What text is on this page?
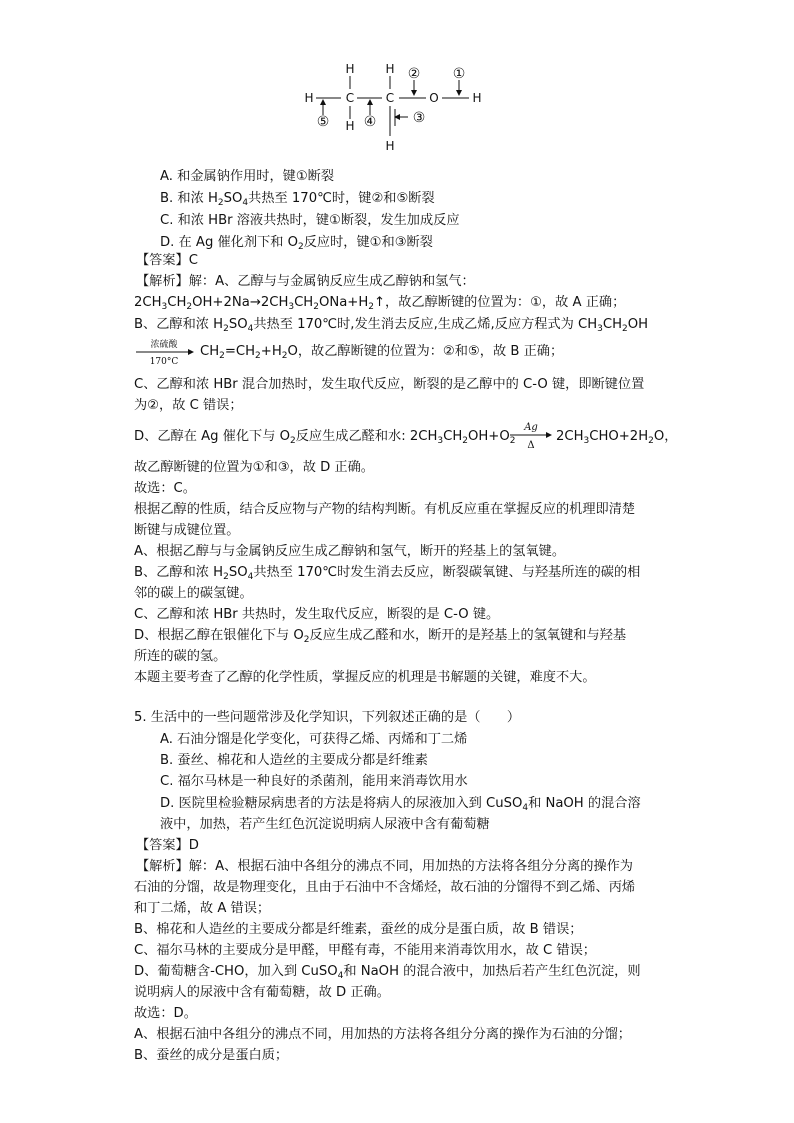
H	H
H	C	C	O	H
H
H
①
②
③
④
⑤
A. 和金属钠作用时，键①断裂
B. 和浓 $H_2SO_4$共热至 170℃时，键②和⑤断裂
C. 和浓 HBr 溶液共热时，键①断裂，发生加成反应
D. 在 Ag 催化剂下和 $O_2$反应时，键①和③断裂
【答案】C
【解析】解：A、乙醇与与金属钠反应生成乙醇钠和氢气：
$2CH_3CH_2OH+2Na\to 2CH_3CH_2ONa+H_2↑$，故乙醇断键的位置为：①，故 A 正确；
B、乙醇和浓 $H_2SO_4$共热至 170℃时,发生消去反应,生成乙烯,反应方程式为 $CH_3CH_2OH$
浓硫酸
170°C
$CH_2=CH_2+H_2O$，故乙醇断键的位置为：②和⑤，故 B 正确；
C、乙醇和浓 HBr 混合加热时，发生取代反应，断裂的是乙醇中的 C-O 键，即断键位置
为②，故 C 错误；
D、乙醇在 Ag 催化下与 $O_2$反应生成乙醛和水: $2CH_3CH_2OH+O_2$
Ag
Δ
$2CH_3CHO+2H_2O$，
故乙醇断键的位置为①和③，故 D 正确。
故选：C。
根据乙醇的性质，结合反应物与产物的结构判断。有机反应重在掌握反应的机理即清楚
断键与成键位置。
A、根据乙醇与与金属钠反应生成乙醇钠和氢气，断开的羟基上的氢氧键。
B、乙醇和浓 $H_2SO_4$共热至 170℃时发生消去反应，断裂碳氧键、与羟基所连的碳的相
邻的碳上的碳氢键。
C、乙醇和浓 HBr 共热时，发生取代反应，断裂的是 C-O 键。
D、根据乙醇在银催化下与 $O_2$反应生成乙醛和水，断开的是羟基上的氢氧键和与羟基
所连的碳的氢。
本题主要考查了乙醇的化学性质，掌握反应的机理是书解题的关键，难度不大。
5. 生活中的一些问题常涉及化学知识，下列叙述正确的是（　　）
A. 石油分馏是化学变化，可获得乙烯、丙烯和丁二烯
B. 蚕丝、棉花和人造丝的主要成分都是纤维素
C. 福尔马林是一种良好的杀菌剂，能用来消毒饮用水
D. 医院里检验糖尿病患者的方法是将病人的尿液加入到 CuSO$_4$和 NaOH 的混合溶
液中，加热，若产生红色沉淀说明病人尿液中含有葡萄糖
【答案】D
【解析】解：A、根据石油中各组分的沸点不同，用加热的方法将各组分分离的操作为
石油的分馏，故是物理变化，且由于石油中不含烯烃，故石油的分馏得不到乙烯、丙烯
和丁二烯，故 A 错误；
B、棉花和人造丝的主要成分都是纤维素，蚕丝的成分是蛋白质，故 B 错误；
C、福尔马林的主要成分是甲醛，甲醛有毒，不能用来消毒饮用水，故 C 错误；
D、葡萄糖含-CHO，加入到 CuSO$_4$和 NaOH 的混合液中，加热后若产生红色沉淀，则
说明病人的尿液中含有葡萄糖，故 D 正确。
故选：D。
A、根据石油中各组分的沸点不同，用加热的方法将各组分分离的操作为石油的分馏；
B、蚕丝的成分是蛋白质；
